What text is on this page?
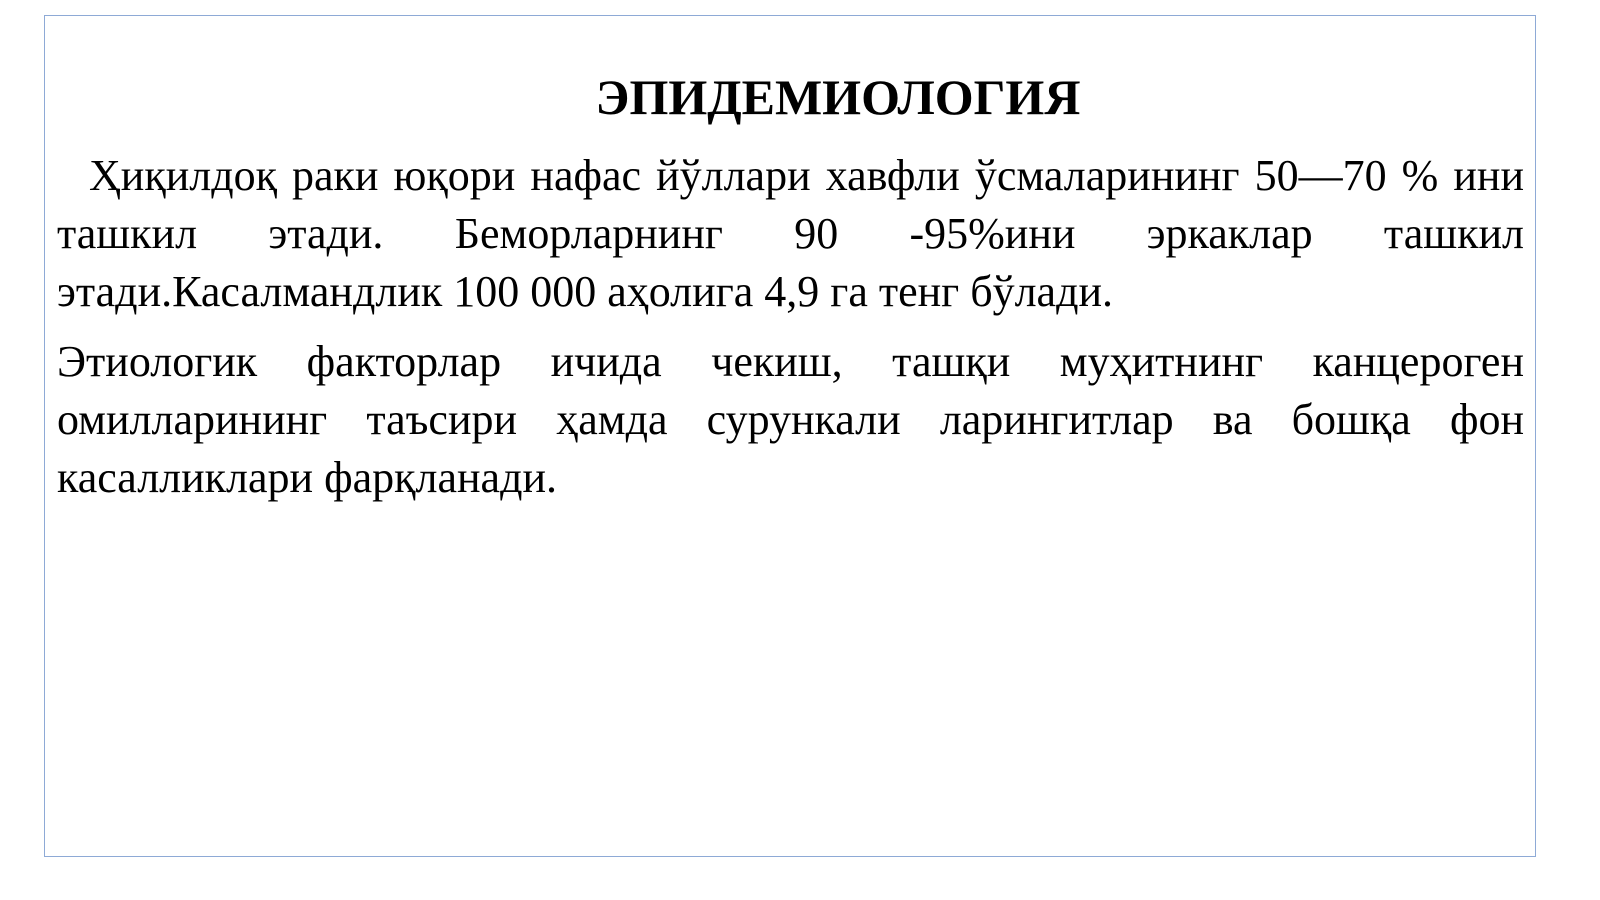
ЭПИДЕМИОЛОГИЯ

Ҳиқилдоқ раки юқори нафас йўллари хавфли ўсмаларининг 50—70 % ини ташкил этади. Беморларнинг 90 -95%ини эркаклар ташкил этади.Касалмандлик 100 000 аҳолига 4,9 га тенг бўлади.

Этиологик факторлар ичида чекиш, ташқи муҳитнинг канцероген омилларининг таъсири ҳамда сурункали ларингитлар ва бошқа фон касалликлари фарқланади.
